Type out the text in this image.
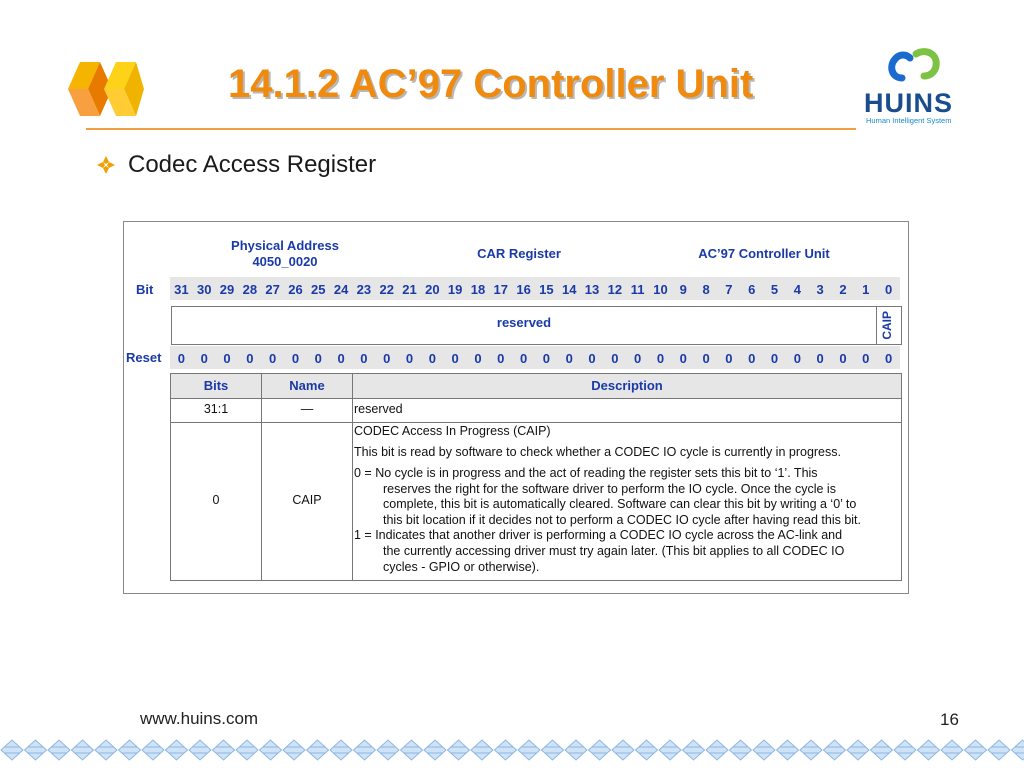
14.1.2 AC’97 Controller Unit	HUINS
Human Intelligent System
Codec Access Register
Physical Address
4050_0020
CAR Register	AC’97 Controller Unit
Bit 31 30 29 28 27 26 25 24 23 22 21 20 19 18 17 16 15 14 13 12 11 10 9	8	7	6	5	4	3	2	1	0
reserved	CAIP
Reset	0	0	0	0	0	0	0	0	0	0	0	0	0	0	0	0	0	0	0	0	0	0	0	0	0	0	0	0	0	0	0	0
Bits	Name	Description
31:1	—	reserved
0	CAIP
CODEC Access In Progress (CAIP)
This bit is read by software to check whether a CODEC IO cycle is currently in progress.
0 = No cycle is in progress and the act of reading the register sets this bit to ‘1’. This
reserves the right for the software driver to perform the IO cycle. Once the cycle is
complete, this bit is automatically cleared. Software can clear this bit by writing a ‘0’ to
this bit location if it decides not to perform a CODEC IO cycle after having read this bit.
1 = Indicates that another driver is performing a CODEC IO cycle across the AC-link and
the currently accessing driver must try again later. (This bit applies to all CODEC IO
cycles - GPIO or otherwise).
www.huins.com	16
